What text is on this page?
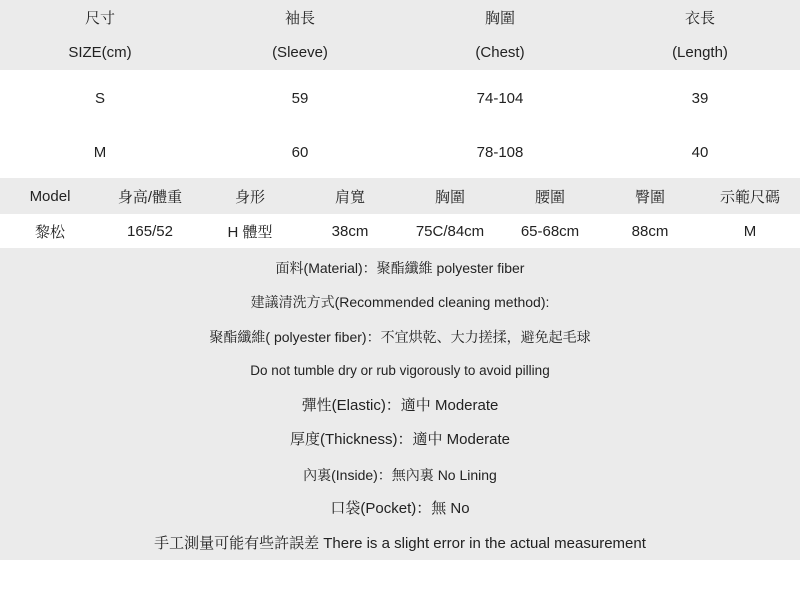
尺寸	袖長	胸圍	衣長
SIZE(cm)	(Sleeve)	(Chest)	(Length)
S	59	74-104	39
M	60	78-108	40
Model	身高/體重	身形	肩寬	胸圍	腰圍	臀圍	示範尺碼
黎松	165/52	H 體型	38cm	75C/84cm	65-68cm	88cm	M
面料(Material)：聚酯纖維 polyester fiber
建議清洗方式(Recommended cleaning method):
聚酯纖維( polyester fiber)：不宜烘乾、大力搓揉，避免起毛球
Do not tumble dry or rub vigorously to avoid pilling
彈性(Elastic)：適中 Moderate
厚度(Thickness)：適中 Moderate
內裏(Inside)：無內裏 No Lining
口袋(Pocket)：無 No
手工測量可能有些許誤差 There is a slight error in the actual measurement
